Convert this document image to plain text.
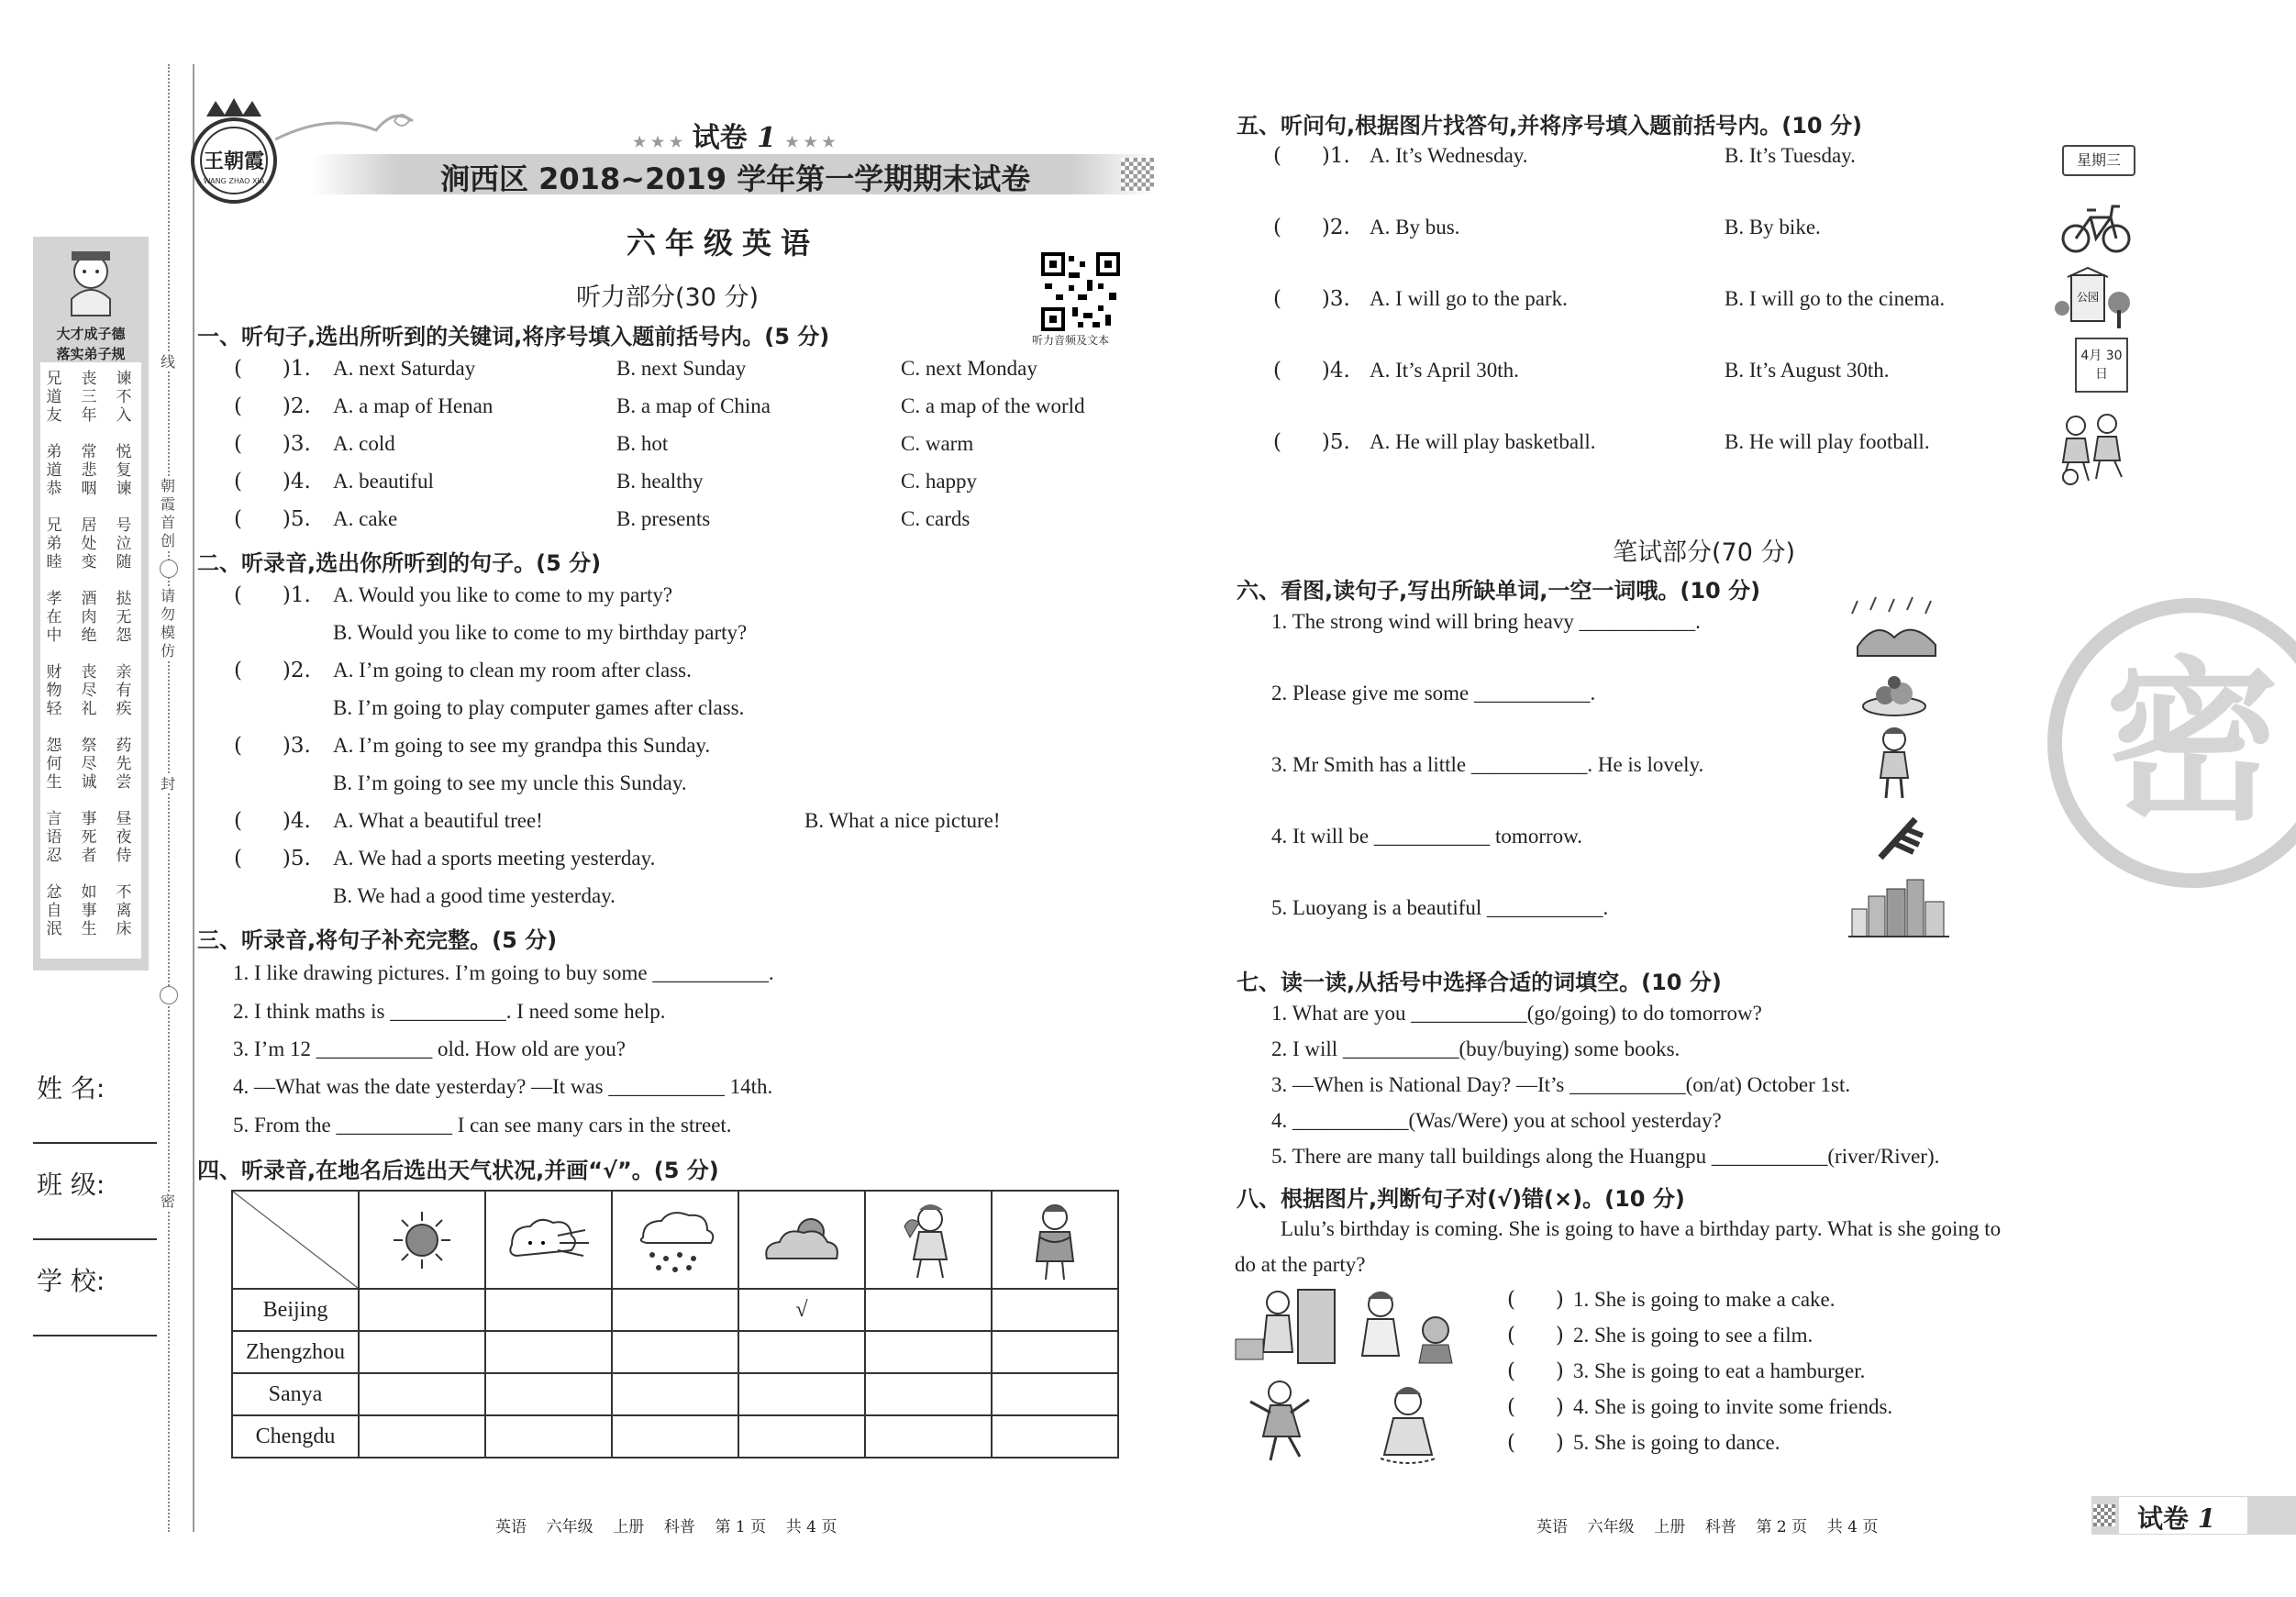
大才成子德
落实弟子规
兄道友
丧三年
谏不入
弟道恭
常悲咽
悦复谏
兄弟睦
居处变
号泣随
孝在中
酒肉绝
挞无怨
财物轻
丧尽礼
亲有疾
怨何生
祭尽诚
药先尝
言语忍
事死者
昼夜侍
忿自泯
如事生
不离床
姓 名:
班 级:
学 校:
线
朝霞首创
请勿模仿
封
密
王朝霞
WANG ZHAO XIA
★ ★ ★ 试卷 1 ★ ★ ★
涧西区 2018~2019 学年第一学期期末试卷
六年级英语
听力音频及文本
听力部分(30 分)
一、听句子,选出所听到的关键词,将序号填入题前括号内。(5 分)
(      )1. A. next Saturday	B. next Sunday	C. next Monday
(      )2. A. a map of Henan	B. a map of China	C. a map of the world
(      )3. A. cold	B. hot	C. warm
(      )4. A. beautiful	B. healthy	C. happy
(      )5. A. cake	B. presents	C. cards
二、听录音,选出你所听到的句子。(5 分)
(      )1. A. Would you like to come to my party?
B. Would you like to come to my birthday party?
(      )2. A. I’m going to clean my room after class.
B. I’m going to play computer games after class.
(      )3. A. I’m going to see my grandpa this Sunday.
B. I’m going to see my uncle this Sunday.
(      )4. A. What a beautiful tree!	B. What a nice picture!
(      )5. A. We had a sports meeting yesterday.
B. We had a good time yesterday.
三、听录音,将句子补充完整。(5 分)
1. I like drawing pictures. I’m going to buy some ___________.
2. I think maths is ___________. I need some help.
3. I’m 12 ___________ old. How old are you?
4. —What was the date yesterday? —It was ___________ 14th.
5. From the ___________ I can see many cars in the street.
四、听录音,在地名后选出天气状况,并画“√”。(5 分)

Beijing				√		
Zhengzhou						
Sanya						
Chengdu						
英语    六年级    上册    科普    第 1 页    共 4 页
密
五、听问句,根据图片找答句,并将序号填入题前括号内。(10 分)
(      )1. A. It’s Wednesday.	B. It’s Tuesday.	星期三
(      )2. A. By bus.	B. By bike.
(      )3. A. I will go to the park.	B. I will go to the cinema.	公园
(      )4. A. It’s April 30th.	B. It’s August 30th.
4月 30日
(      )5. A. He will play basketball.	B. He will play football.
笔试部分(70 分)
六、看图,读句子,写出所缺单词,一空一词哦。(10 分)
1. The strong wind will bring heavy ___________.
2. Please give me some ___________.
3. Mr Smith has a little ___________. He is lovely.
4. It will be ___________ tomorrow.
5. Luoyang is a beautiful ___________.
七、读一读,从括号中选择合适的词填空。(10 分)
1. What are you ___________(go/going) to do tomorrow?
2. I will ___________(buy/buying) some books.
3. —When is National Day? —It’s ___________(on/at) October 1st.
4. ___________(Was/Were) you at school yesterday?
5. There are many tall buildings along the Huangpu ___________(river/River).
八、根据图片,判断句子对(√)错(×)。(10 分)
Lulu’s birthday is coming. She is going to have a birthday party. What is she going to
do at the party?
(      ) 1. She is going to make a cake.
(      ) 2. She is going to see a film.
(      ) 3. She is going to eat a hamburger.
(      ) 4. She is going to invite some friends.
(      ) 5. She is going to dance.
英语    六年级    上册    科普    第 2 页    共 4 页	试卷 1
